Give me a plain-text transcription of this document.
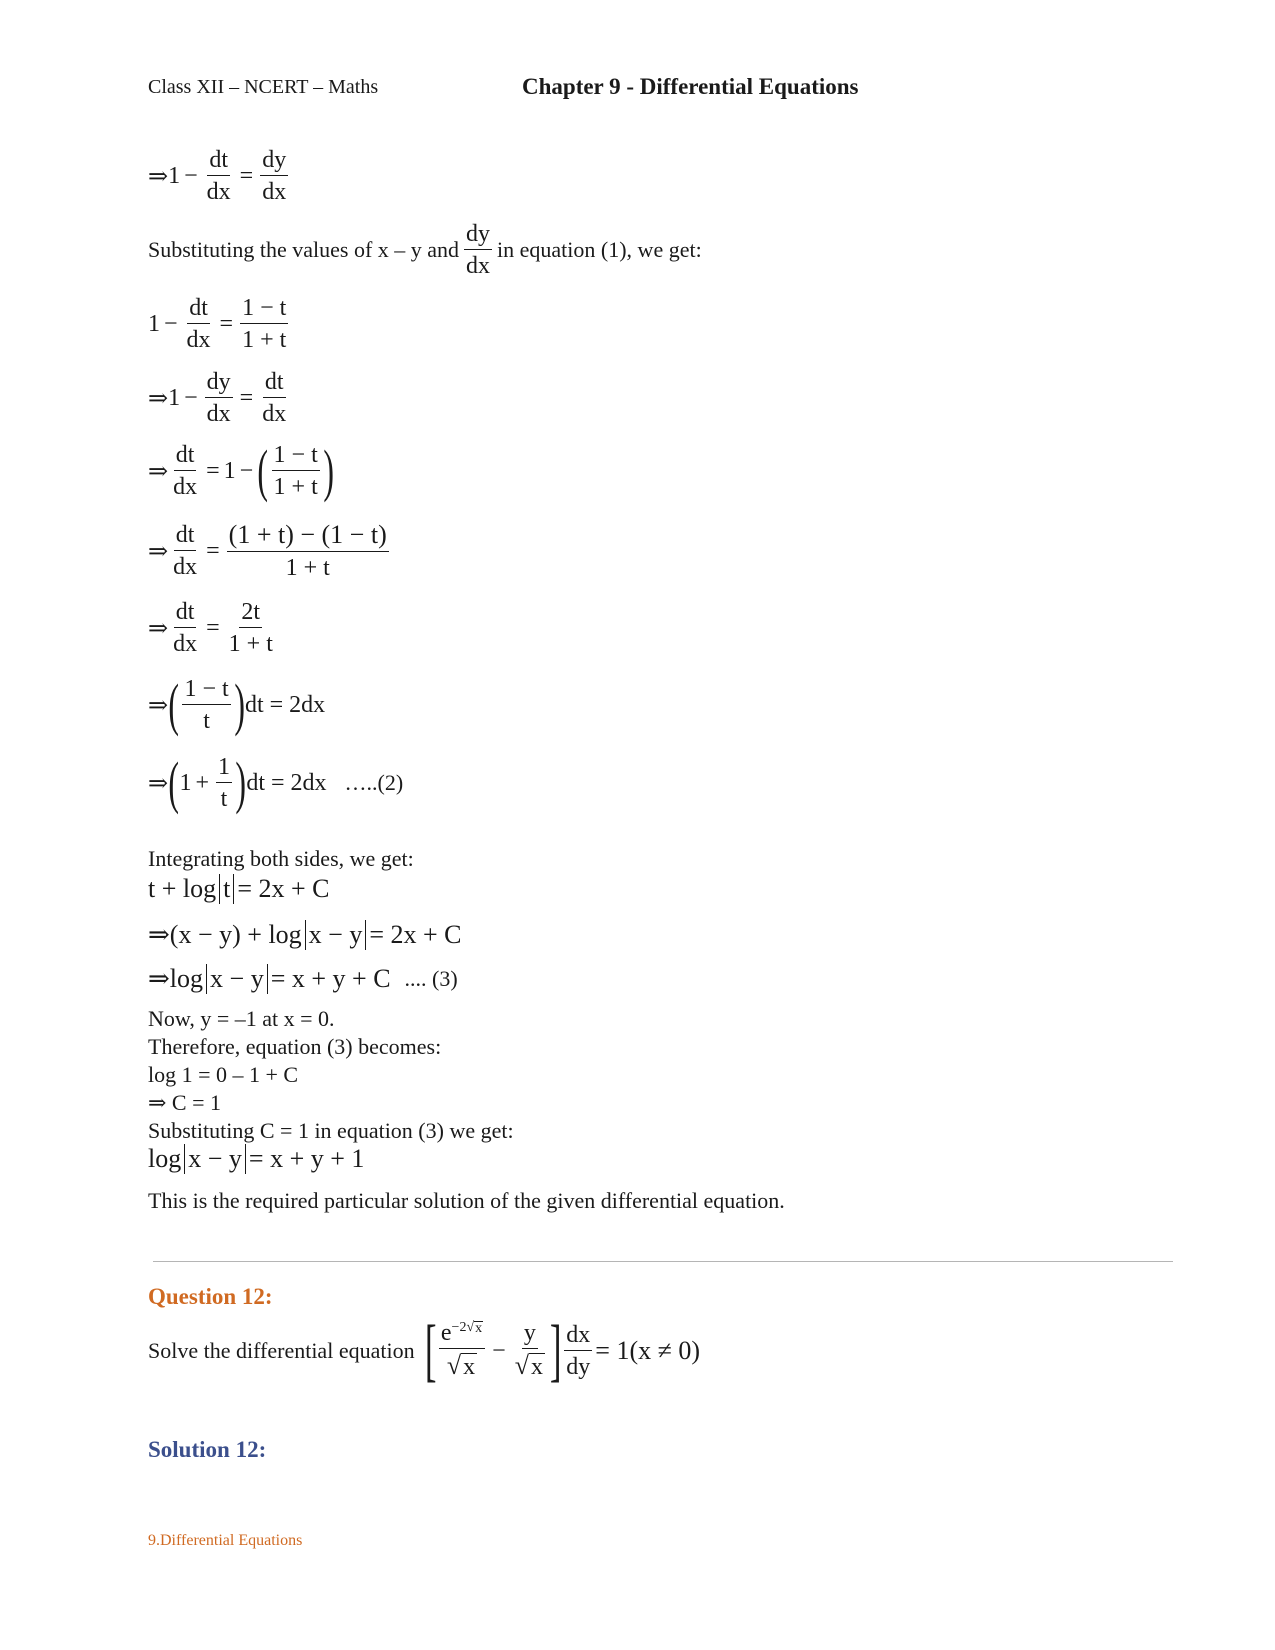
Class XII – NCERT – Maths	Chapter 9 - Differential Equations
⇒ $1 - \frac{dt}{dx} = \frac{dy}{dx}$
Substituting the values of x – y and $\frac{dy}{dx}$ in equation (1), we get:
$1 - \frac{dt}{dx} = \frac{1 - t}{1 + t}$
⇒ $1 - \frac{dy}{dx} = \frac{dt}{dx}$
⇒ $\frac{dt}{dx} = 1$ − ( $\frac{1 - t}{1 + t}$ )
⇒ $\frac{dt}{dx} = \frac{(1 + t) - (1 - t)}{1 + t}$
⇒ $\frac{dt}{dx} = \frac{2t}{1 + t}$
⇒ ( $\frac{1 - t}{t}$ ) dt = 2dx
⇒ ( $1 + \frac{1}{t}$ ) dt = 2dx …..(2)
Integrating both sides, we get:
t + log t = 2x + C
⇒ (x − y) + log x − y = 2x + C
⇒ log x − y = x + y + C .... (3)
Now, y = –1 at x = 0.
Therefore, equation (3) becomes:
log 1 = 0 – 1 + C
⇒ C = 1
Substituting C = 1 in equation (3) we get:
log x − y = x + y + 1
This is the required particular solution of the given differential equation.
Question 12:
Solve the differential equation [ $\frac{e^{-2√ x}}{√ x} - \frac{y}{√ x}$ ] $\frac{dx}{dy} = 1(x \ne 0)$
Solution 12:
9.Differential Equations
